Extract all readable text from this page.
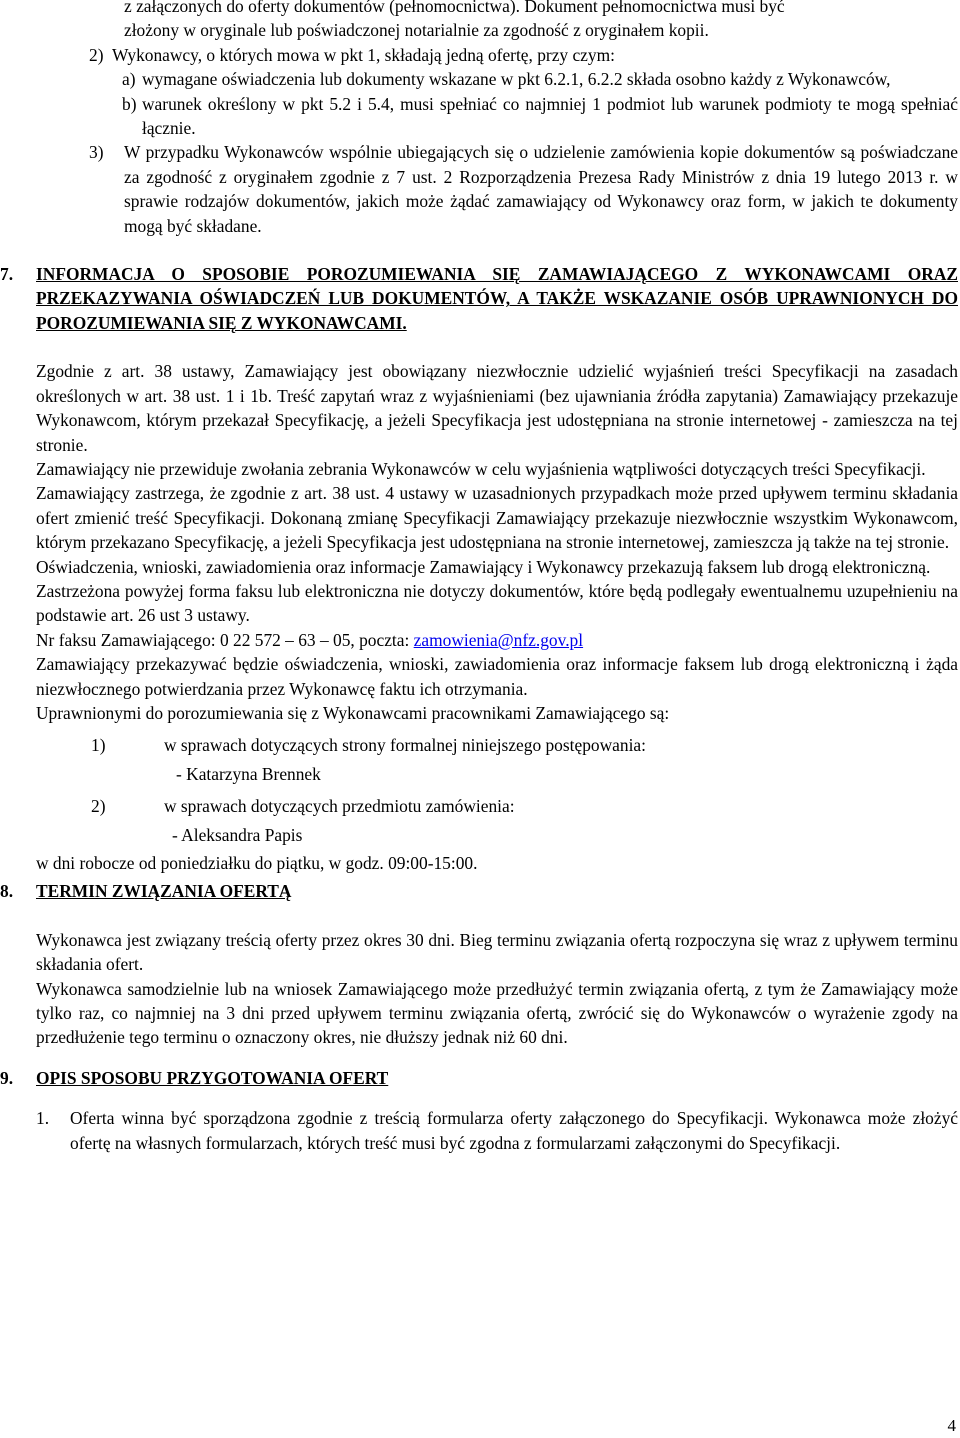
z załączonych do oferty dokumentów (pełnomocnictwa). Dokument pełnomocnictwa musi być
złożony w oryginale lub poświadczonej notarialnie za zgodność z oryginałem kopii.

2) Wykonawcy, o których mowa w pkt 1, składają jedną ofertę, przy czym:

a) wymagane oświadczenia lub dokumenty wskazane w pkt 6.2.1, 6.2.2 składa osobno każdy z Wykonawców,

b) warunek określony w pkt 5.2 i 5.4, musi spełniać co najmniej 1 podmiot lub warunek podmioty te mogą spełniać łącznie.

3) W przypadku Wykonawców wspólnie ubiegających się o udzielenie zamówienia kopie dokumentów są poświadczane za zgodność z oryginałem zgodnie z 7 ust. 2 Rozporządzenia Prezesa Rady Ministrów z dnia 19 lutego 2013 r. w sprawie rodzajów dokumentów, jakich może żądać zamawiający od Wykonawcy oraz form, w jakich te dokumenty mogą być składane.

7. INFORMACJA O SPOSOBIE POROZUMIEWANIA SIĘ ZAMAWIAJĄCEGO Z WYKONAWCAMI ORAZ PRZEKAZYWANIA OŚWIADCZEŃ LUB DOKUMENTÓW, A TAKŻE WSKAZANIE OSÓB UPRAWNIONYCH DO POROZUMIEWANIA SIĘ Z WYKONAWCAMI.

Zgodnie z art. 38 ustawy, Zamawiający jest obowiązany niezwłocznie udzielić wyjaśnień treści Specyfikacji na zasadach określonych w art. 38 ust. 1 i 1b. Treść zapytań wraz z wyjaśnieniami (bez ujawniania źródła zapytania) Zamawiający przekazuje Wykonawcom, którym przekazał Specyfikację, a jeżeli Specyfikacja jest udostępniana na stronie internetowej - zamieszcza na tej stronie.

Zamawiający nie przewiduje zwołania zebrania Wykonawców w celu wyjaśnienia wątpliwości dotyczących treści Specyfikacji.

Zamawiający zastrzega, że zgodnie z art. 38 ust. 4 ustawy w uzasadnionych przypadkach może przed upływem terminu składania ofert zmienić treść Specyfikacji. Dokonaną zmianę Specyfikacji Zamawiający przekazuje niezwłocznie wszystkim Wykonawcom, którym przekazano Specyfikację, a jeżeli Specyfikacja jest udostępniana na stronie internetowej, zamieszcza ją także na tej stronie.

Oświadczenia, wnioski, zawiadomienia oraz informacje Zamawiający i Wykonawcy przekazują faksem lub drogą elektroniczną.

Zastrzeżona powyżej forma faksu lub elektroniczna nie dotyczy dokumentów, które będą podlegały ewentualnemu uzupełnieniu na podstawie art. 26 ust 3 ustawy.

Nr faksu Zamawiającego: 0 22 572 – 63 – 05, poczta: zamowienia@nfz.gov.pl

Zamawiający przekazywać będzie oświadczenia, wnioski, zawiadomienia oraz informacje faksem lub drogą elektroniczną i żąda niezwłocznego potwierdzania przez Wykonawcę faktu ich otrzymania.

Uprawnionymi do porozumiewania się z Wykonawcami pracownikami Zamawiającego są:

1)	w sprawach dotyczących strony formalnej niniejszego postępowania:

- Katarzyna Brennek

2)	w sprawach dotyczących przedmiotu zamówienia:

- Aleksandra Papis

w dni robocze od poniedziałku do piątku, w godz. 09:00-15:00.

8. TERMIN ZWIĄZANIA OFERTĄ

Wykonawca jest związany treścią oferty przez okres 30 dni. Bieg terminu związania ofertą rozpoczyna się wraz z upływem terminu składania ofert.

Wykonawca samodzielnie lub na wniosek Zamawiającego może przedłużyć termin związania ofertą, z tym że Zamawiający może tylko raz, co najmniej na 3 dni przed upływem terminu związania ofertą, zwrócić się do Wykonawców o wyrażenie zgody na przedłużenie tego terminu o oznaczony okres, nie dłuższy jednak niż 60 dni.

9. OPIS SPOSOBU PRZYGOTOWANIA OFERT

1. Oferta winna być sporządzona zgodnie z treścią formularza oferty załączonego do Specyfikacji. Wykonawca może złożyć ofertę na własnych formularzach, których treść musi być zgodna z formularzami załączonymi do Specyfikacji.

4
